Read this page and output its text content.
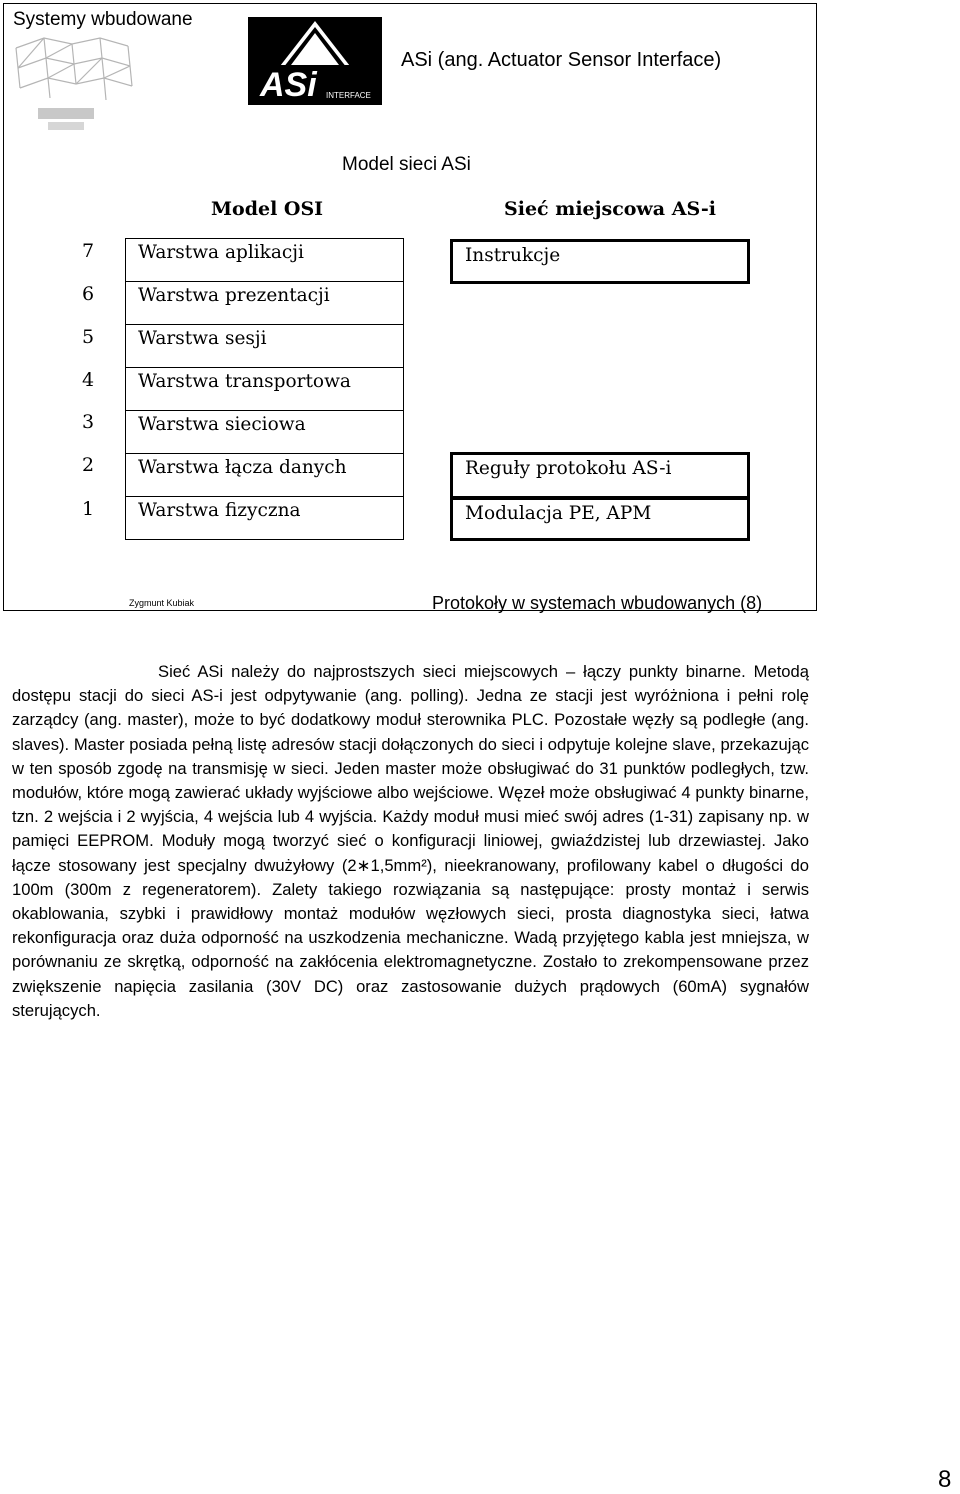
Systemy wbudowane
ASi INTERFACE
ASi (ang. Actuator Sensor Interface)
Model sieci ASi
Model OSI	Sieć miejscowa AS-i
7
6
5
4
3
2
1
Warstwa aplikacji
Warstwa prezentacji
Warstwa sesji
Warstwa transportowa
Warstwa sieciowa
Warstwa łącza danych
Warstwa fizyczna
Instrukcje
Reguły protokołu AS-i
Modulacja PE, APM
Zygmunt Kubiak	Protokoły w systemach wbudowanych (8)
Sieć ASi należy do najprostszych sieci miejscowych – łączy punkty binarne. Metodą dostępu stacji do sieci AS-i jest odpytywanie (ang. polling). Jedna ze stacji jest wyróżniona i pełni rolę zarządcy (ang. master), może to być dodatkowy moduł sterownika PLC. Pozostałe węzły są podległe (ang. slaves). Master posiada pełną listę adresów stacji dołączonych do sieci i odpytuje kolejne slave, przekazując w ten sposób zgodę na transmisję w sieci. Jeden master może obsługiwać do 31 punktów podległych, tzw. modułów, które mogą zawierać układy wyjściowe albo wejściowe. Węzeł może obsługiwać 4 punkty binarne, tzn. 2 wejścia i 2 wyjścia, 4 wejścia lub 4 wyjścia. Każdy moduł musi mieć swój adres (1-31) zapisany np. w pamięci EEPROM. Moduły mogą tworzyć sieć o konfiguracji liniowej, gwiaździstej lub drzewiastej. Jako łącze stosowany jest specjalny dwużyłowy (2∗1,5mm²), nieekranowany, profilowany kabel o długości do 100m (300m z regeneratorem). Zalety takiego rozwiązania są następujące: prosty montaż i serwis okablowania, szybki i prawidłowy montaż modułów węzłowych sieci, prosta diagnostyka sieci, łatwa rekonfiguracja oraz duża odporność na uszkodzenia mechaniczne. Wadą przyjętego kabla jest mniejsza, w porównaniu ze skrętką, odporność na zakłócenia elektromagnetyczne. Zostało to zrekompensowane przez zwiększenie napięcia zasilania (30V DC) oraz zastosowanie dużych prądowych (60mA) sygnałów sterujących.
8
